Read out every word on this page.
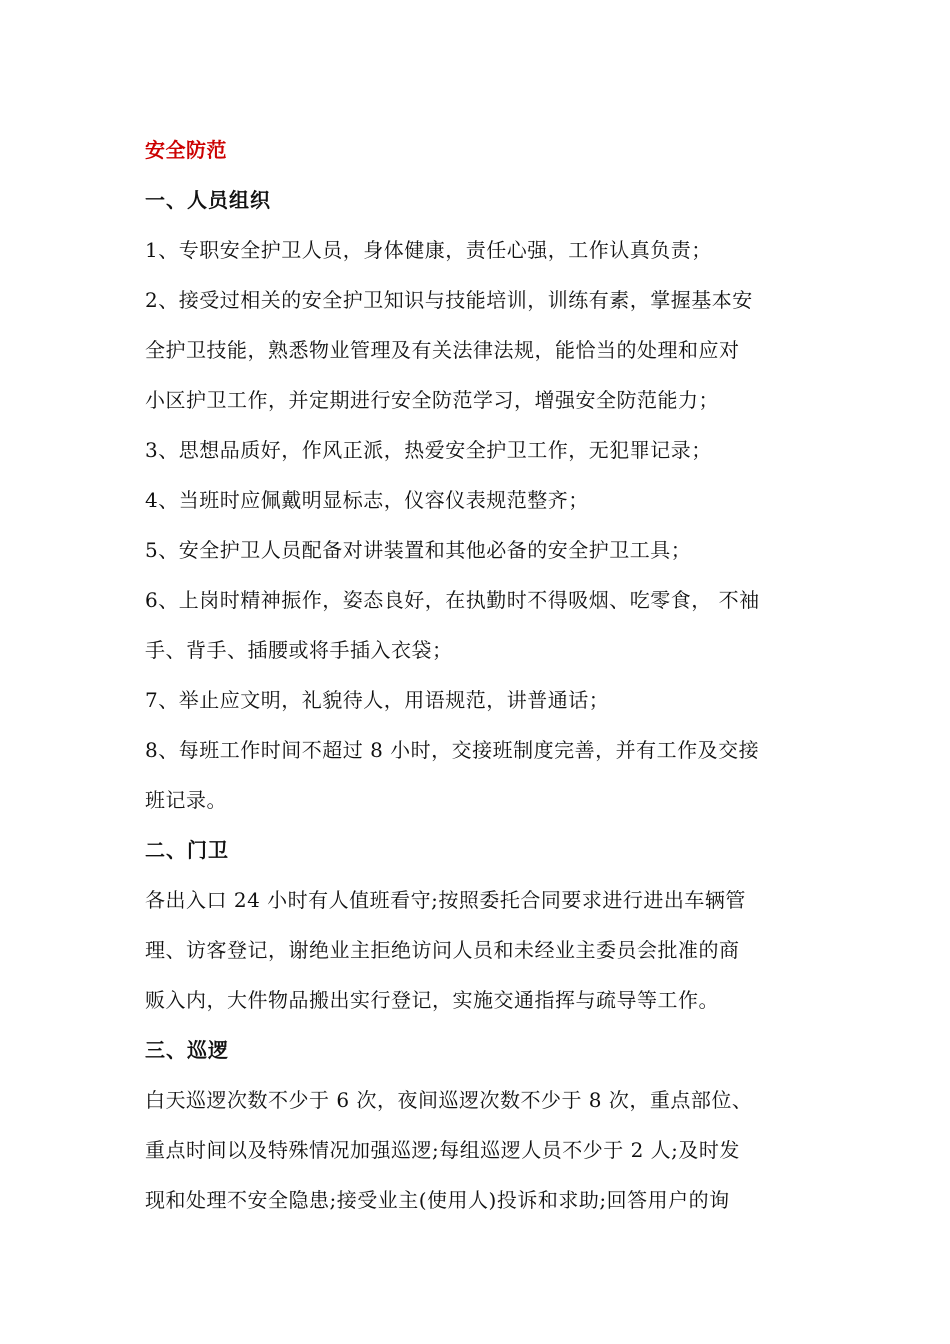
安全防范
一、人员组织
1、专职安全护卫人员，身体健康，责任心强，工作认真负责；
2、接受过相关的安全护卫知识与技能培训，训练有素，掌握基本安
全护卫技能，熟悉物业管理及有关法律法规，能恰当的处理和应对
小区护卫工作，并定期进行安全防范学习，增强安全防范能力；
3、思想品质好，作风正派，热爱安全护卫工作，无犯罪记录；
4、当班时应佩戴明显标志，仪容仪表规范整齐；
5、安全护卫人员配备对讲装置和其他必备的安全护卫工具；
6、上岗时精神振作，姿态良好，在执勤时不得吸烟、吃零食， 不袖
手、背手、插腰或将手插入衣袋；
7、举止应文明，礼貌待人，用语规范，讲普通话；
8、每班工作时间不超过 8 小时，交接班制度完善，并有工作及交接
班记录。
二、门卫
各出入口 24 小时有人值班看守;按照委托合同要求进行进出车辆管
理、访客登记，谢绝业主拒绝访问人员和未经业主委员会批准的商
贩入内，大件物品搬出实行登记，实施交通指挥与疏导等工作。
三、巡逻
白天巡逻次数不少于 6 次，夜间巡逻次数不少于 8 次，重点部位、
重点时间以及特殊情况加强巡逻;每组巡逻人员不少于 2 人;及时发
现和处理不安全隐患;接受业主(使用人)投诉和求助;回答用户的询
